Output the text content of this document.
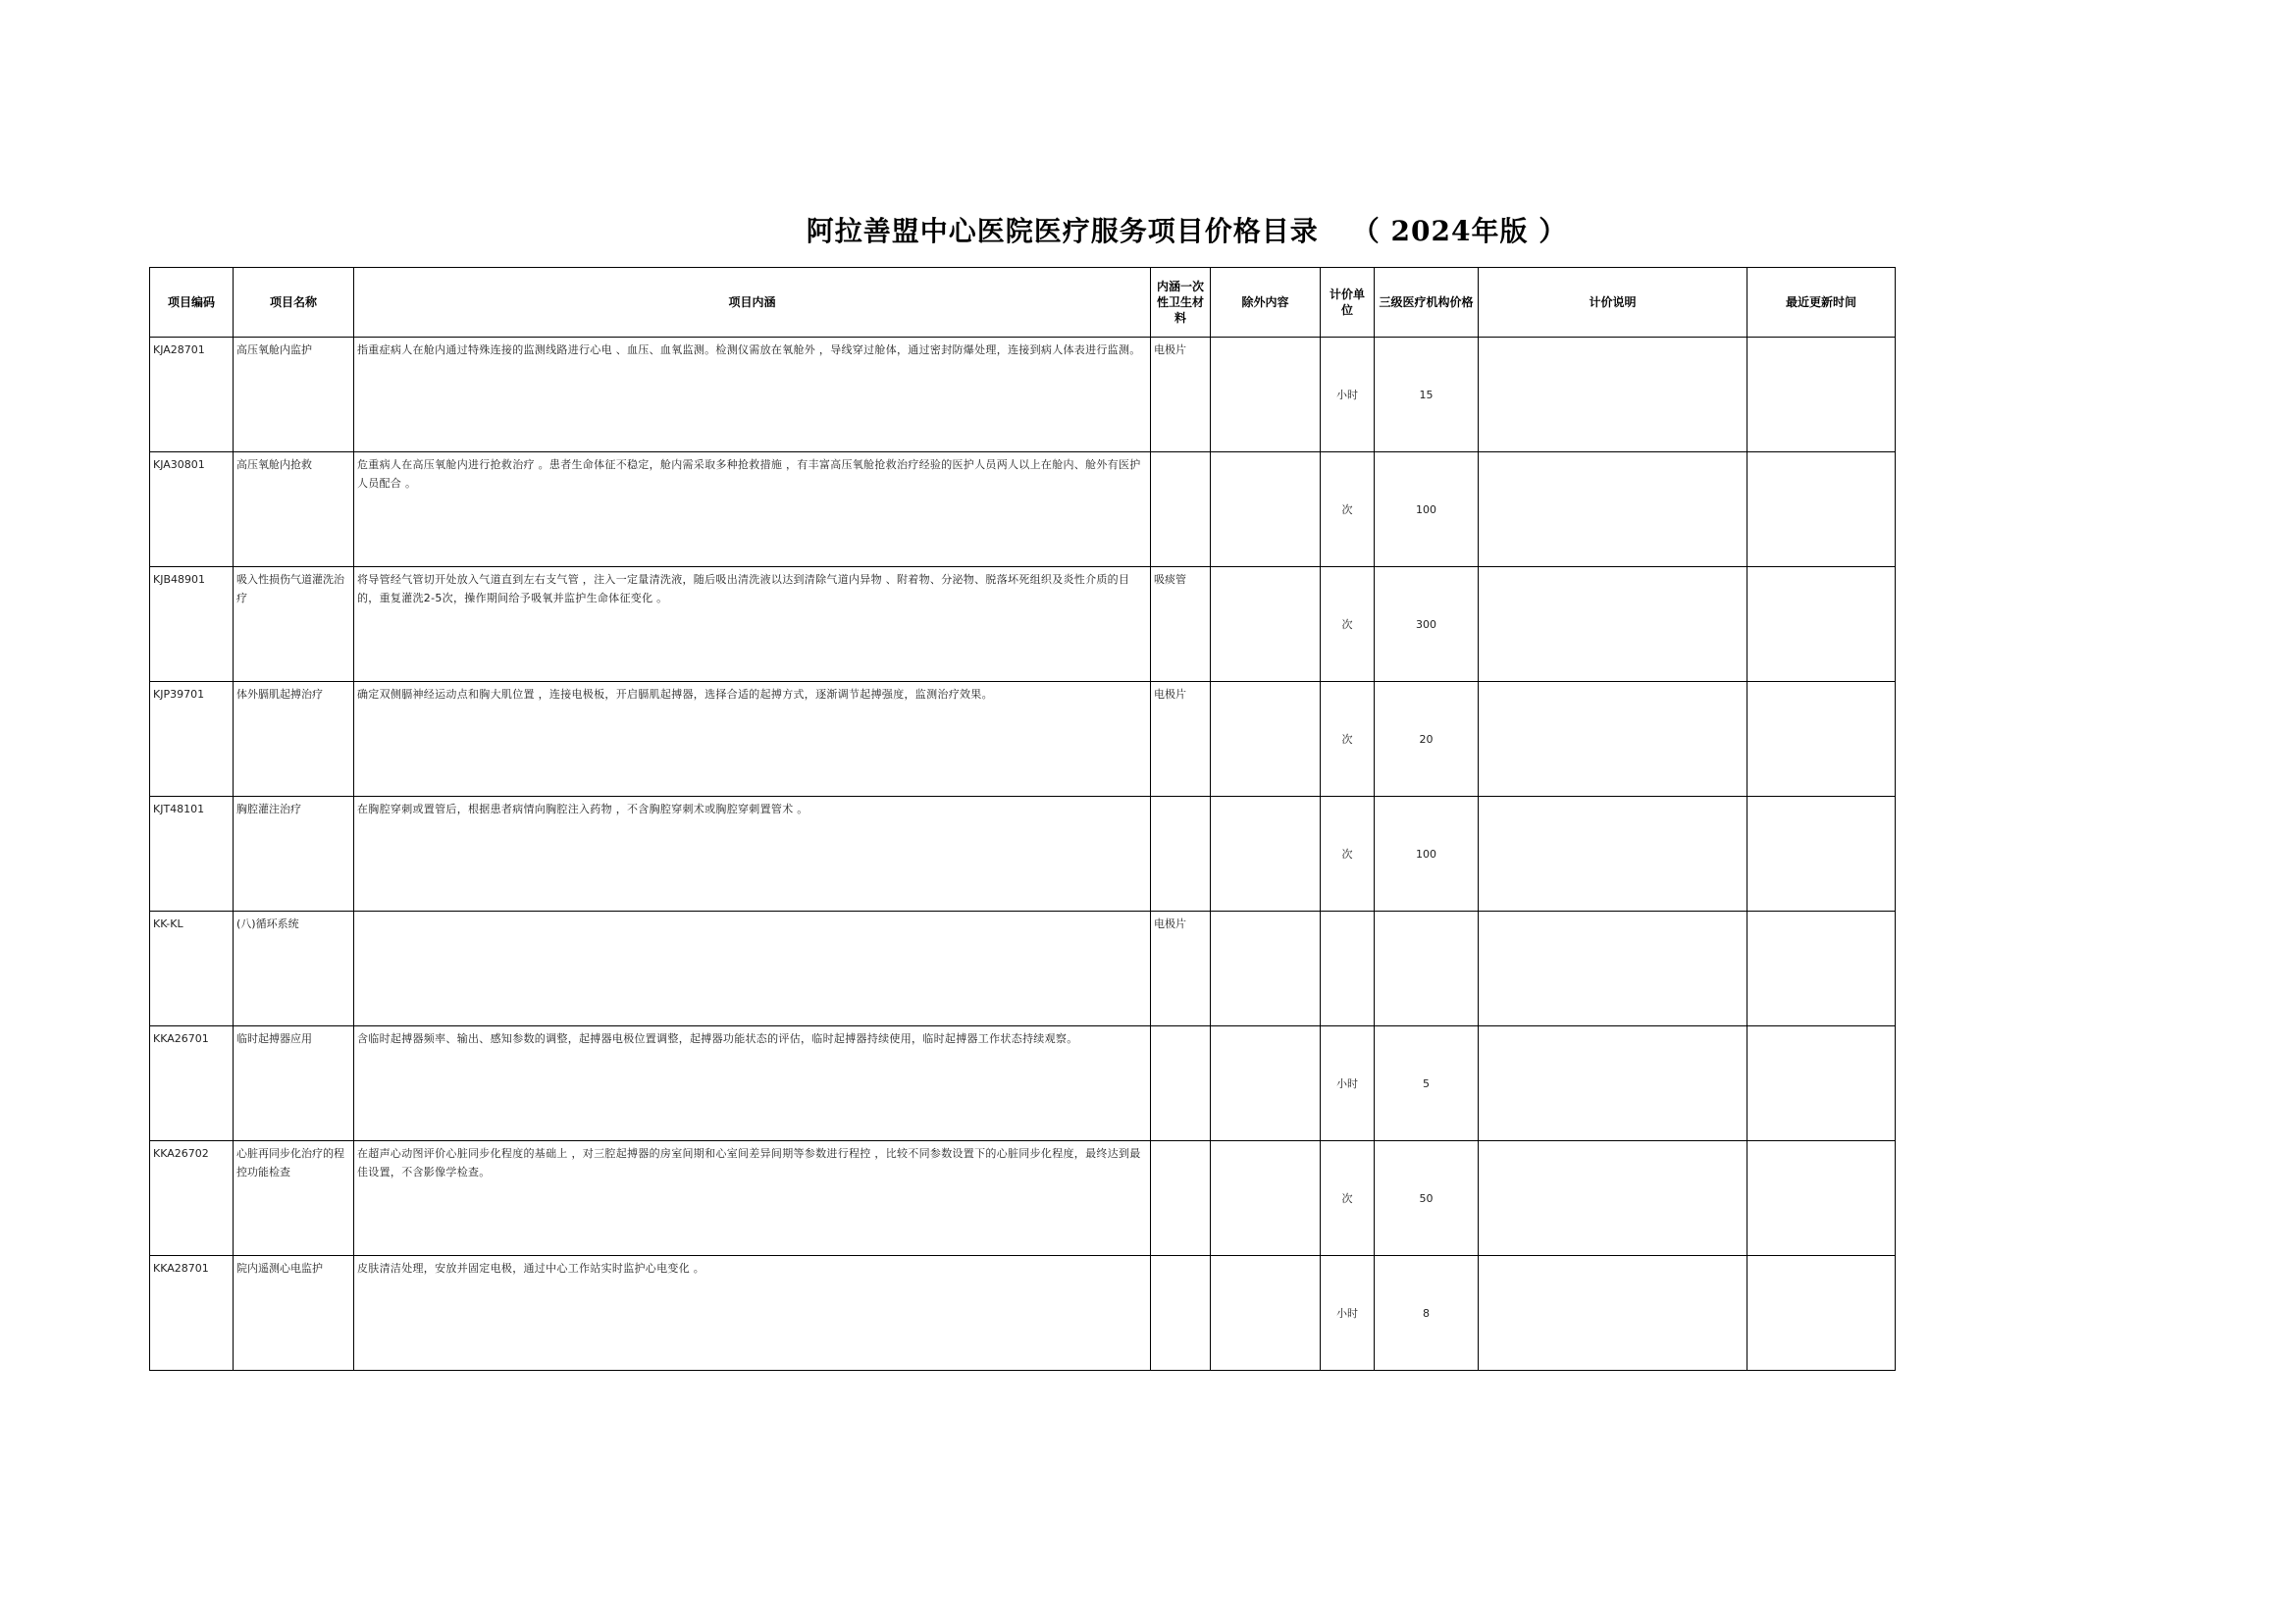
阿拉善盟中心医院医疗服务项目价格目录 （ 2024年版 ）
项目编码	项目名称	项目内涵	内涵一次性卫生材料	除外内容	计价单位	三级医疗机构价格	计价说明	最近更新时间
KJA28701	高压氧舱内监护	指重症病人在舱内通过特殊连接的监测线路进行心电 、血压、血氧监测。检测仪需放在氧舱外 ，导线穿过舱体，通过密封防爆处理，连接到病人体表进行监测。	电极片		小时	15		
KJA30801	高压氧舱内抢救	危重病人在高压氧舱内进行抢救治疗 。患者生命体征不稳定，舱内需采取多种抢救措施 ，有丰富高压氧舱抢救治疗经验的医护人员两人以上在舱内、舱外有医护人员配合 。			次	100		
KJB48901	吸入性损伤气道灌洗治疗	将导管经气管切开处放入气道直到左右支气管 ，注入一定量清洗液，随后吸出清洗液以达到清除气道内异物 、附着物、分泌物、脱落坏死组织及炎性介质的目的，重复灌洗2-5次，操作期间给予吸氧并监护生命体征变化 。	吸痰管		次	300		
KJP39701	体外膈肌起搏治疗	确定双侧膈神经运动点和胸大肌位置 ，连接电极板，开启膈肌起搏器，选择合适的起搏方式，逐渐调节起搏强度，监测治疗效果。	电极片		次	20		
KJT48101	胸腔灌注治疗	在胸腔穿刺或置管后，根据患者病情向胸腔注入药物 ，不含胸腔穿刺术或胸腔穿刺置管术 。			次	100		
KK-KL	(八)循环系统		电极片					
KKA26701	临时起搏器应用	含临时起搏器频率、输出、感知参数的调整，起搏器电极位置调整，起搏器功能状态的评估，临时起搏器持续使用，临时起搏器工作状态持续观察。			小时	5		
KKA26702	心脏再同步化治疗的程控功能检查	在超声心动图评价心脏同步化程度的基础上 ，对三腔起搏器的房室间期和心室间差异间期等参数进行程控 ，比较不同参数设置下的心脏同步化程度，最终达到最佳设置，不含影像学检查。			次	50		
KKA28701	院内遥测心电监护	皮肤清洁处理，安放并固定电极，通过中心工作站实时监护心电变化 。			小时	8		
